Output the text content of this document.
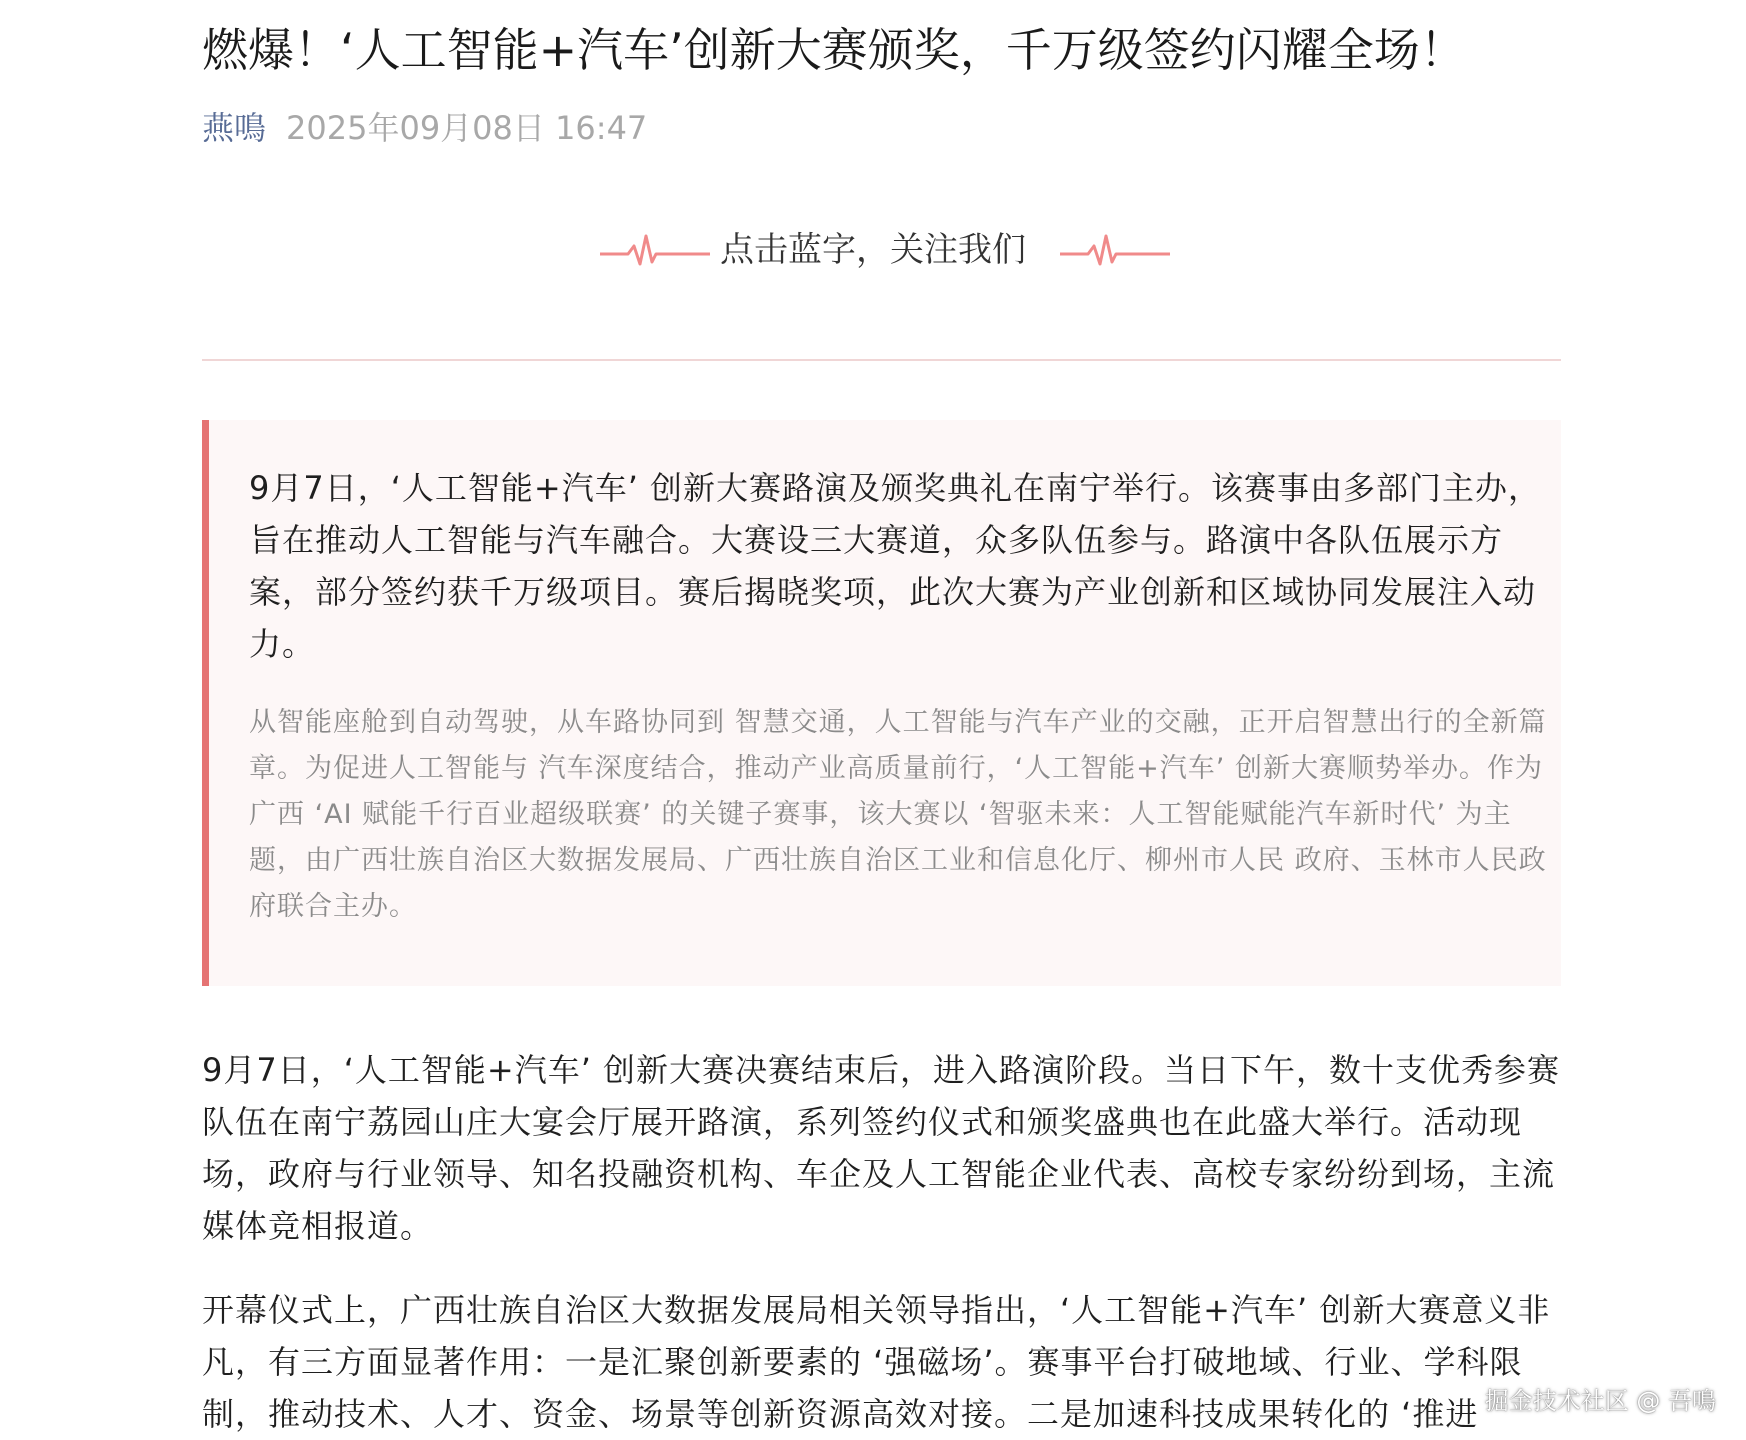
燃爆！‘人工智能+汽车’创新大赛颁奖，千万级签约闪耀全场！
燕鳴 2025年09月08日 16:47
点击蓝字，关注我们
9月7日，‘人工智能+汽车’ 创新大赛路演及颁奖典礼在南宁举行。该赛事由多部门主办， 旨在推动人工智能与汽车融合。大赛设三大赛道，众多队伍参与。路演中各队伍展示方 案，部分签约获千万级项目。赛后揭晓奖项，此次大赛为产业创新和区域协同发展注入动 力。
从智能座舱到自动驾驶，从车路协同到 智慧交通，人工智能与汽车产业的交融，正开启智慧出行的全新篇章。为促进人工智能与 汽车深度结合，推动产业高质量前行，‘人工智能+汽车’ 创新大赛顺势举办。作为广西 ‘AI 赋能千行百业超级联赛’ 的关键子赛事，该大赛以 ‘智驱未来：人工智能赋能汽车新时代’ 为主题，由广西壮族自治区大数据发展局、广西壮族自治区工业和信息化厅、柳州市人民 政府、玉林市人民政府联合主办。
9月7日，‘人工智能+汽车’ 创新大赛决赛结束后，进入路演阶段。当日下午，数十支优秀参赛队伍在南宁荔园山庄大宴会厅展开路演，系列签约仪式和颁奖盛典也在此盛大举行。活动现场，政府与行业领导、知名投融资机构、车企及人工智能企业代表、高校专家纷纷到场，主流媒体竞相报道。
开幕仪式上，广西壮族自治区大数据发展局相关领导指出，‘人工智能+汽车’ 创新大赛意义非凡，有三方面显著作用：一是汇聚创新要素的 ‘强磁场’。赛事平台打破地域、行业、学科限制，推动技术、人才、资金、场景等创新资源高效对接。二是加速科技成果转化的 ‘推进 掘金技术社区 @ 吾鳴
